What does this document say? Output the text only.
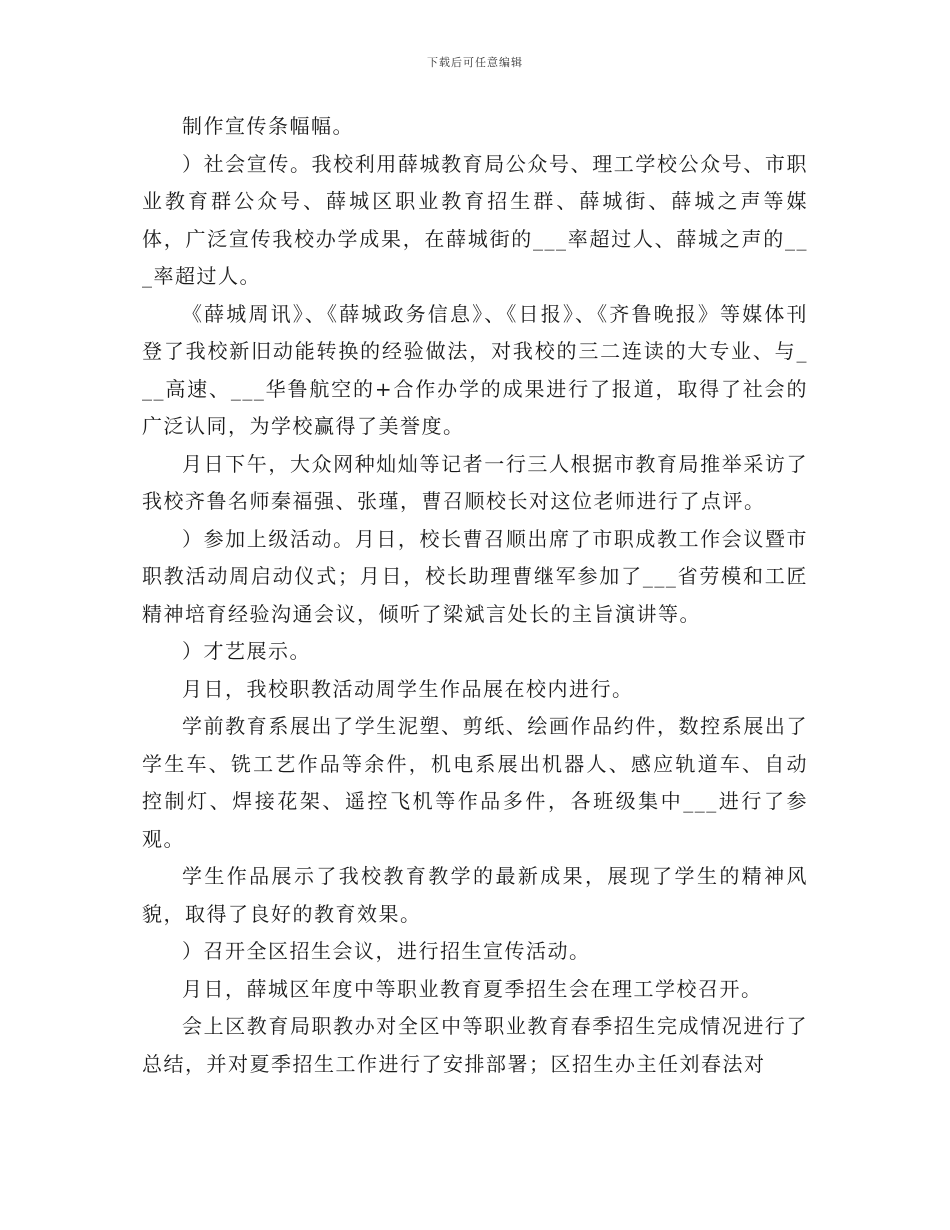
下载后可任意编辑

制作宣传条幅幅。

）社会宣传。我校利用薛城教育局公众号、理工学校公众号、市职业教育群公众号、薛城区职业教育招生群、薛城街、薛城之声等媒体，广泛宣传我校办学成果，在薛城街的___率超过人、薛城之声的___率超过人。

《薛城周讯》、《薛城政务信息》、《日报》、《齐鲁晚报》等媒体刊登了我校新旧动能转换的经验做法，对我校的三二连读的大专业、与___高速、___华鲁航空的+合作办学的成果进行了报道，取得了社会的广泛认同，为学校赢得了美誉度。

月日下午，大众网种灿灿等记者一行三人根据市教育局推举采访了我校齐鲁名师秦福强、张瑾，曹召顺校长对这位老师进行了点评。

）参加上级活动。月日，校长曹召顺出席了市职成教工作会议暨市职教活动周启动仪式；月日，校长助理曹继军参加了___省劳模和工匠精神培育经验沟通会议，倾听了梁斌言处长的主旨演讲等。

）才艺展示。

月日，我校职教活动周学生作品展在校内进行。

学前教育系展出了学生泥塑、剪纸、绘画作品约件，数控系展出了学生车、铣工艺作品等余件，机电系展出机器人、感应轨道车、自动控制灯、焊接花架、遥控飞机等作品多件，各班级集中___进行了参观。

学生作品展示了我校教育教学的最新成果，展现了学生的精神风貌，取得了良好的教育效果。

）召开全区招生会议，进行招生宣传活动。

月日，薛城区年度中等职业教育夏季招生会在理工学校召开。

会上区教育局职教办对全区中等职业教育春季招生完成情况进行了总结，并对夏季招生工作进行了安排部署；区招生办主任刘春法对
